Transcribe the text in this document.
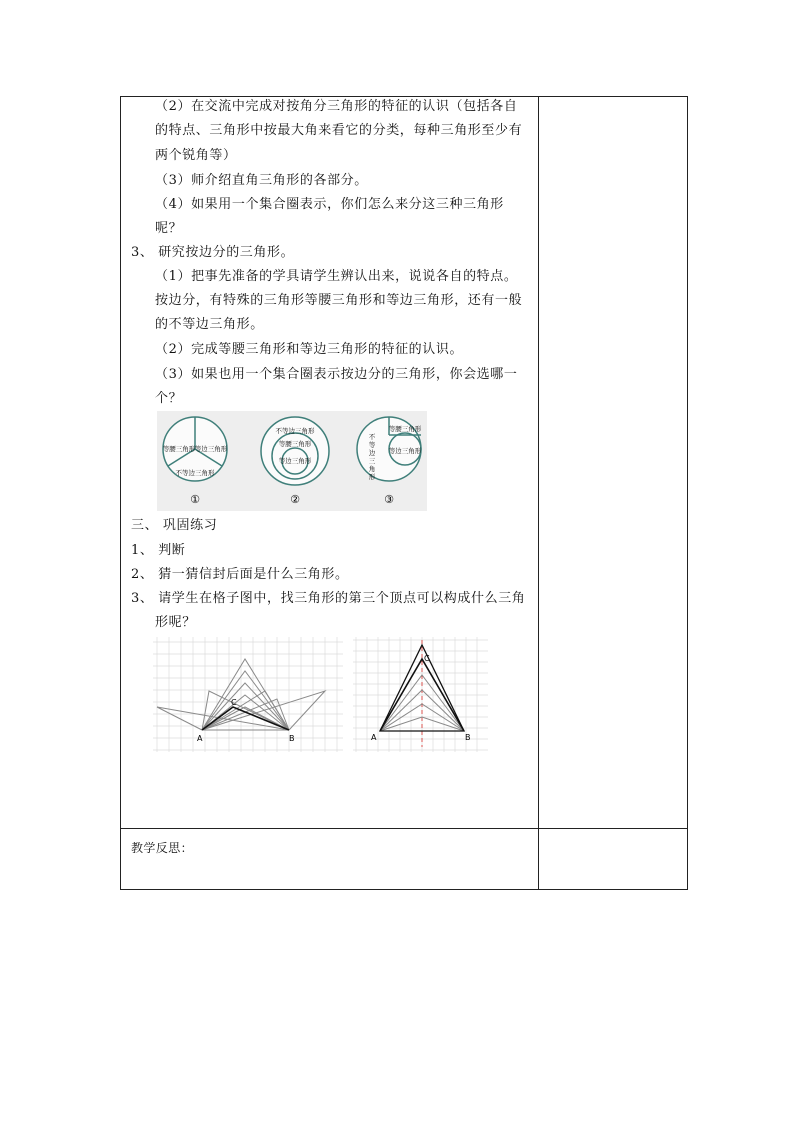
（2）在交流中完成对按角分三角形的特征的认识（包括各自
的特点、三角形中按最大角来看它的分类，每种三角形至少有
两个锐角等）
（3）师介绍直角三角形的各部分。
（4）如果用一个集合圈表示，你们怎么来分这三种三角形
呢？
3、 研究按边分的三角形。
（1）把事先准备的学具请学生辨认出来，说说各自的特点。
按边分，有特殊的三角形等腰三角形和等边三角形，还有一般
的不等边三角形。
（2）完成等腰三角形和等边三角形的特征的认识。
（3）如果也用一个集合圈表示按边分的三角形，你会选哪一
个？
等腰三角形 等边三角形
不等边三角形
①
不等边三角形
等腰三角形
等边三角形
②
不
等
边
三
角
形
等腰三角形
等边三角形
③
三、 巩固练习
1、 判断
2、 猜一猜信封后面是什么三角形。
3、 请学生在格子图中，找三角形的第三个顶点可以构成什么三角
形呢？
A	B
C
A	B
C
教学反思：
